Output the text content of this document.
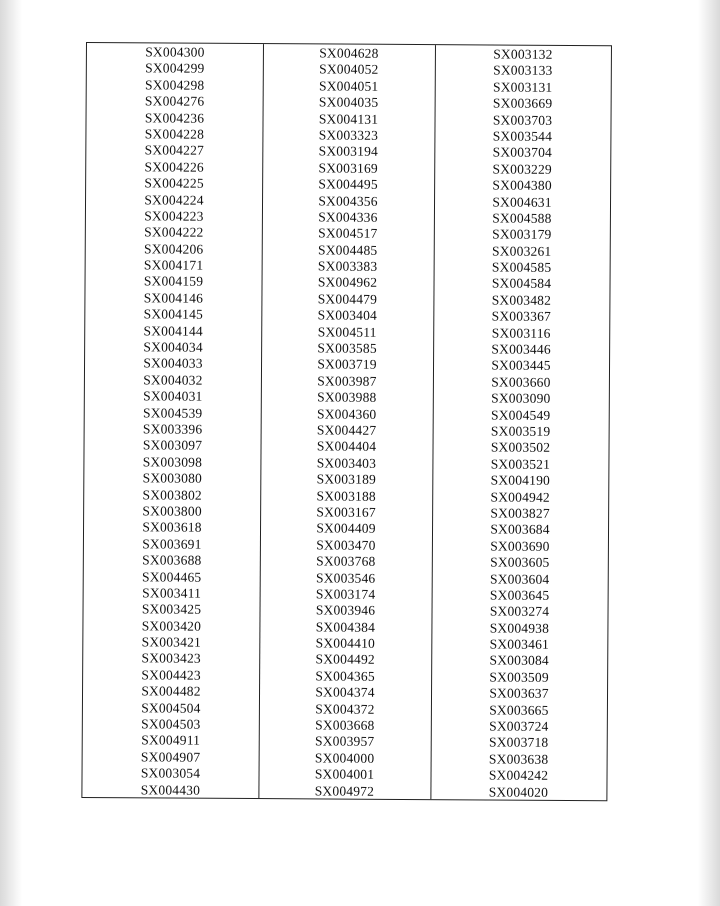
SX004300
SX004299
SX004298
SX004276
SX004236
SX004228
SX004227
SX004226
SX004225
SX004224
SX004223
SX004222
SX004206
SX004171
SX004159
SX004146
SX004145
SX004144
SX004034
SX004033
SX004032
SX004031
SX004539
SX003396
SX003097
SX003098
SX003080
SX003802
SX003800
SX003618
SX003691
SX003688
SX004465
SX003411
SX003425
SX003420
SX003421
SX003423
SX004423
SX004482
SX004504
SX004503
SX004911
SX004907
SX003054
SX004430
SX004628
SX004052
SX004051
SX004035
SX004131
SX003323
SX003194
SX003169
SX004495
SX004356
SX004336
SX004517
SX004485
SX003383
SX004962
SX004479
SX003404
SX004511
SX003585
SX003719
SX003987
SX003988
SX004360
SX004427
SX004404
SX003403
SX003189
SX003188
SX003167
SX004409
SX003470
SX003768
SX003546
SX003174
SX003946
SX004384
SX004410
SX004492
SX004365
SX004374
SX004372
SX003668
SX003957
SX004000
SX004001
SX004972
SX003132
SX003133
SX003131
SX003669
SX003703
SX003544
SX003704
SX003229
SX004380
SX004631
SX004588
SX003179
SX003261
SX004585
SX004584
SX003482
SX003367
SX003116
SX003446
SX003445
SX003660
SX003090
SX004549
SX003519
SX003502
SX003521
SX004190
SX004942
SX003827
SX003684
SX003690
SX003605
SX003604
SX003645
SX003274
SX004938
SX003461
SX003084
SX003509
SX003637
SX003665
SX003724
SX003718
SX003638
SX004242
SX004020
